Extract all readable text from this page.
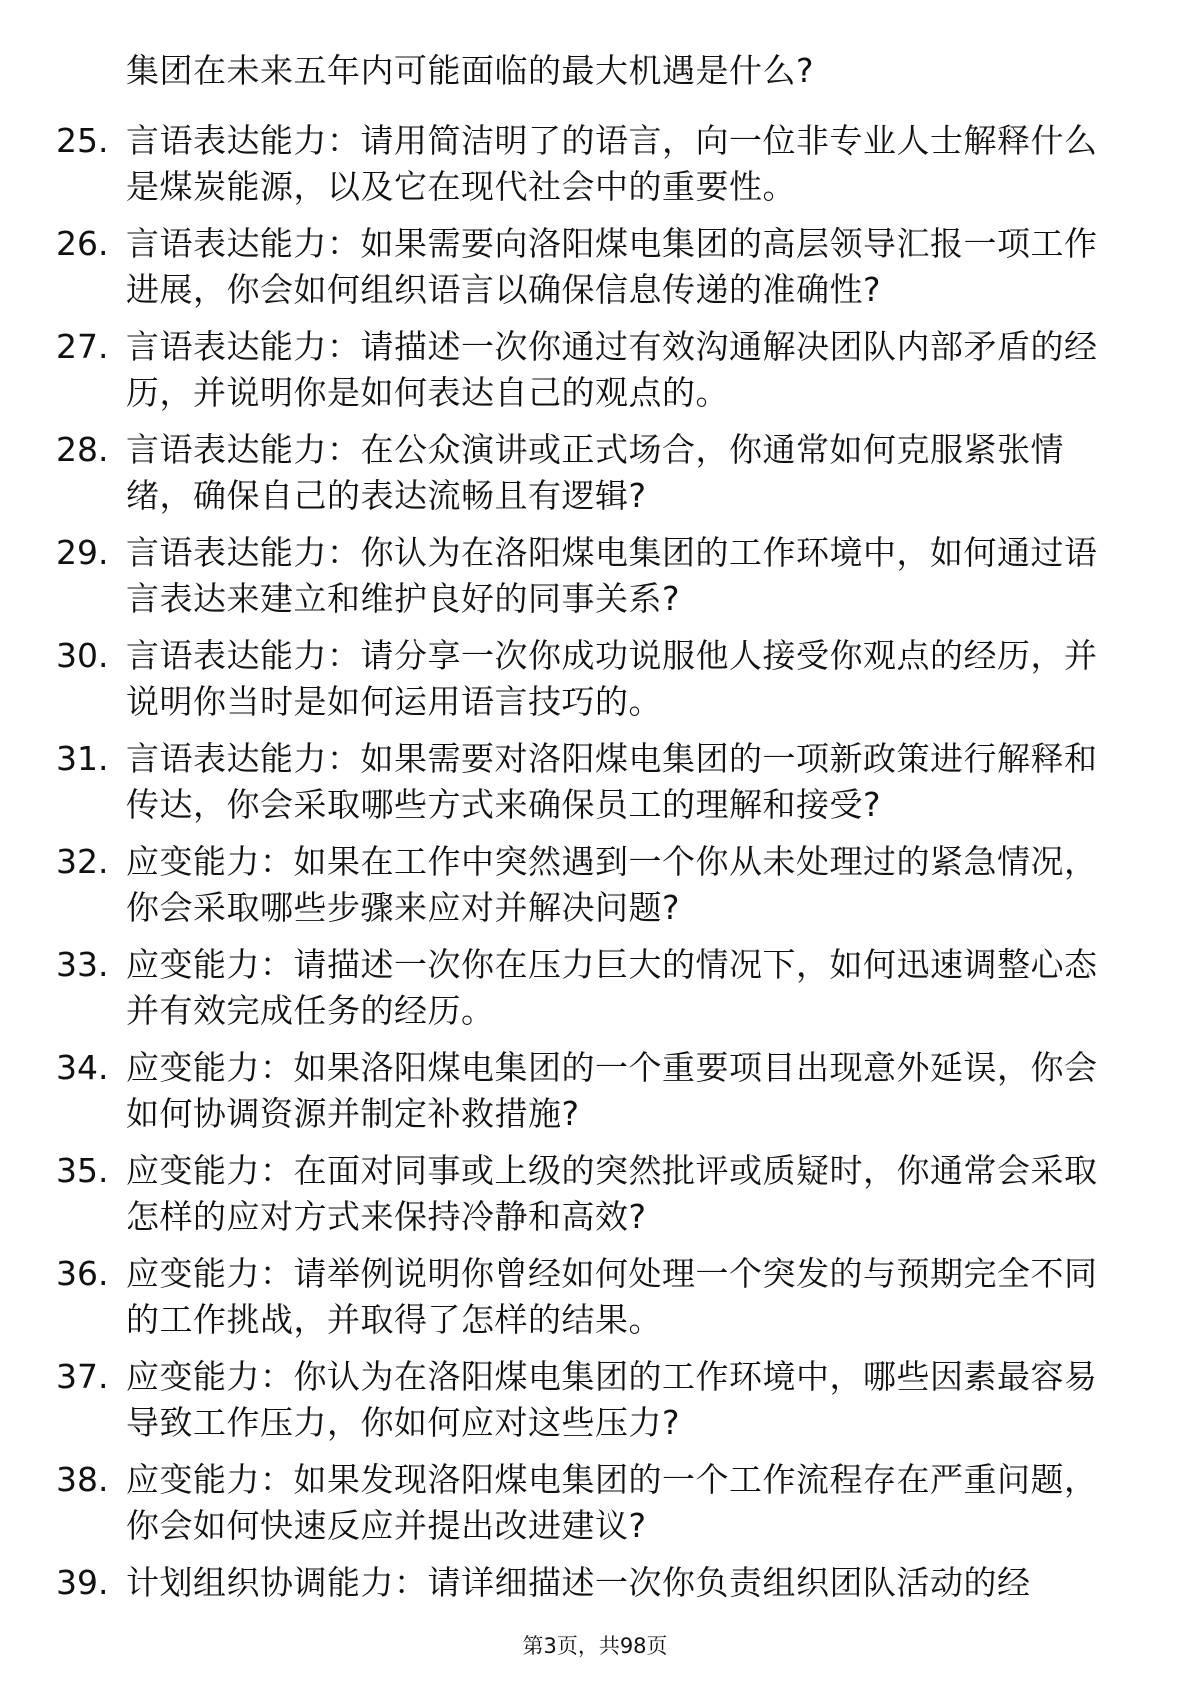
集团在未来五年内可能面临的最大机遇是什么?
25. 言语表达能力：请用简洁明了的语言，向一位非专业人士解释什么是煤炭能源，以及它在现代社会中的重要性。
26. 言语表达能力：如果需要向洛阳煤电集团的高层领导汇报一项工作进展，你会如何组织语言以确保信息传递的准确性?
27. 言语表达能力：请描述一次你通过有效沟通解决团队内部矛盾的经历，并说明你是如何表达自己的观点的。
28. 言语表达能力：在公众演讲或正式场合，你通常如何克服紧张情绪，确保自己的表达流畅且有逻辑?
29. 言语表达能力：你认为在洛阳煤电集团的工作环境中，如何通过语言表达来建立和维护良好的同事关系?
30. 言语表达能力：请分享一次你成功说服他人接受你观点的经历，并说明你当时是如何运用语言技巧的。
31. 言语表达能力：如果需要对洛阳煤电集团的一项新政策进行解释和传达，你会采取哪些方式来确保员工的理解和接受?
32. 应变能力：如果在工作中突然遇到一个你从未处理过的紧急情况，你会采取哪些步骤来应对并解决问题?
33. 应变能力：请描述一次你在压力巨大的情况下，如何迅速调整心态并有效完成任务的经历。
34. 应变能力：如果洛阳煤电集团的一个重要项目出现意外延误，你会如何协调资源并制定补救措施?
35. 应变能力：在面对同事或上级的突然批评或质疑时，你通常会采取怎样的应对方式来保持冷静和高效?
36. 应变能力：请举例说明你曾经如何处理一个突发的与预期完全不同的工作挑战，并取得了怎样的结果。
37. 应变能力：你认为在洛阳煤电集团的工作环境中，哪些因素最容易导致工作压力，你如何应对这些压力?
38. 应变能力：如果发现洛阳煤电集团的一个工作流程存在严重问题，你会如何快速反应并提出改进建议?
39. 计划组织协调能力：请详细描述一次你负责组织团队活动的经
第3页，共98页
